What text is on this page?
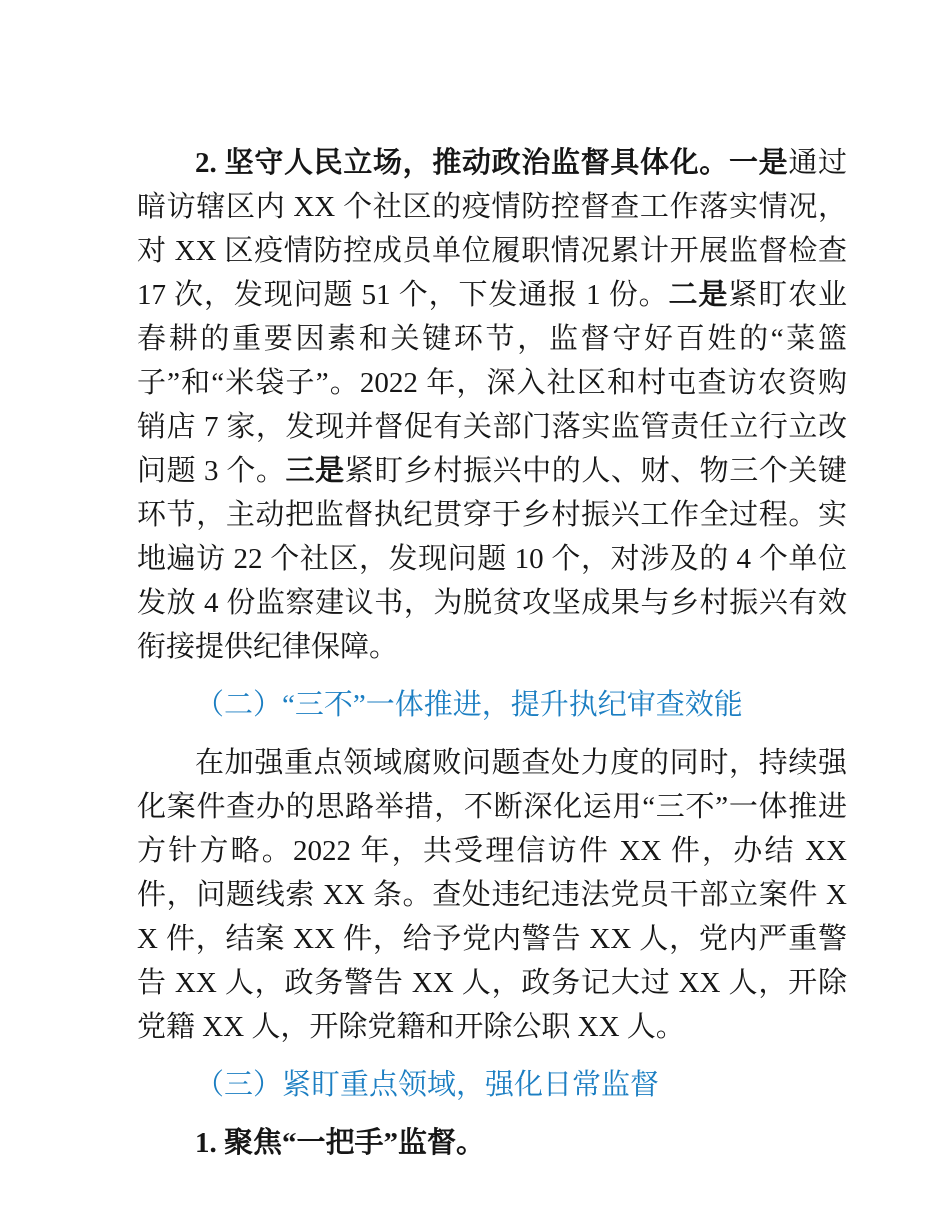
2. 坚守人民立场，推动政治监督具体化。一是通过暗访辖区内 XX 个社区的疫情防控督查工作落实情况，对 XX 区疫情防控成员单位履职情况累计开展监督检查 17 次，发现问题 51 个，下发通报 1 份。二是紧盯农业春耕的重要因素和关键环节，监督守好百姓的“菜篮子”和“米袋子”。2022 年，深入社区和村屯查访农资购销店 7 家，发现并督促有关部门落实监管责任立行立改问题 3 个。三是紧盯乡村振兴中的人、财、物三个关键环节，主动把监督执纪贯穿于乡村振兴工作全过程。实地遍访 22 个社区，发现问题 10 个，对涉及的 4 个单位发放 4 份监察建议书，为脱贫攻坚成果与乡村振兴有效衔接提供纪律保障。

（二）“三不”一体推进，提升执纪审查效能

在加强重点领域腐败问题查处力度的同时，持续强化案件查办的思路举措，不断深化运用“三不”一体推进方针方略。2022 年，共受理信访件 XX 件，办结 XX 件，问题线索 XX 条。查处违纪违法党员干部立案件 XX 件，结案 XX 件，给予党内警告 XX 人，党内严重警告 XX 人，政务警告 XX 人，政务记大过 XX 人，开除党籍 XX 人，开除党籍和开除公职 XX 人。

（三）紧盯重点领域，强化日常监督

1. 聚焦“一把手”监督。
